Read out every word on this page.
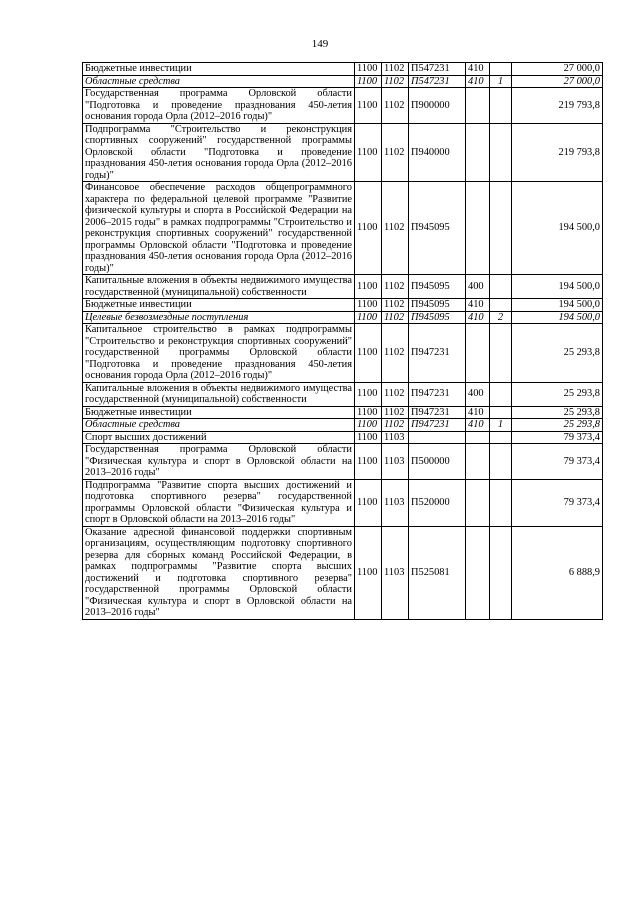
149
Бюджетные инвестиции	1100	1102	П547231	410		27 000,0
Областные средства	1100	1102	П547231	410	1	27 000,0
Государственная программа Орловской области "Подготовка и проведение празднования 450-летия основания города Орла (2012–2016 годы)"	1100	1102	П900000			219 793,8
Подпрограмма "Строительство и реконструкция спортивных сооружений" государственной программы Орловской области "Подготовка и проведение празднования 450-летия основания города Орла (2012–2016 годы)"	1100	1102	П940000			219 793,8
Финансовое обеспечение расходов общепрограммного характера по федеральной целевой программе "Развитие физической культуры и спорта в Российской Федерации на 2006–2015 годы" в рамках подпрограммы "Строительство и реконструкция спортивных сооружений" государственной программы Орловской области "Подготовка и проведение празднования 450-летия основания города Орла (2012–2016 годы)"	1100	1102	П945095			194 500,0
Капитальные вложения в объекты недвижимого имущества государственной (муниципальной) собственности	1100	1102	П945095	400		194 500,0
Бюджетные инвестиции	1100	1102	П945095	410		194 500,0
Целевые безвозмездные поступления	1100	1102	П945095	410	2	194 500,0
Капитальное строительство в рамках подпрограммы "Строительство и реконструкция спортивных сооружений" государственной программы Орловской области "Подготовка и проведение празднования 450-летия основания города Орла (2012–2016 годы)"	1100	1102	П947231			25 293,8
Капитальные вложения в объекты недвижимого имущества государственной (муниципальной) собственности	1100	1102	П947231	400		25 293,8
Бюджетные инвестиции	1100	1102	П947231	410		25 293,8
Областные средства	1100	1102	П947231	410	1	25 293,8
Спорт высших достижений	1100	1103				79 373,4
Государственная программа Орловской области "Физическая культура и спорт в Орловской области на 2013–2016 годы"	1100	1103	П500000			79 373,4
Подпрограмма "Развитие спорта высших достижений и подготовка спортивного резерва" государственной программы Орловской области "Физическая культура и спорт в Орловской области на 2013–2016 годы"	1100	1103	П520000			79 373,4
Оказание адресной финансовой поддержки спортивным организациям, осуществляющим подготовку спортивного резерва для сборных команд Российской Федерации, в рамках подпрограммы "Развитие спорта высших достижений и подготовка спортивного резерва" государственной программы Орловской области "Физическая культура и спорт в Орловской области на 2013–2016 годы"	1100	1103	П525081			6 888,9
